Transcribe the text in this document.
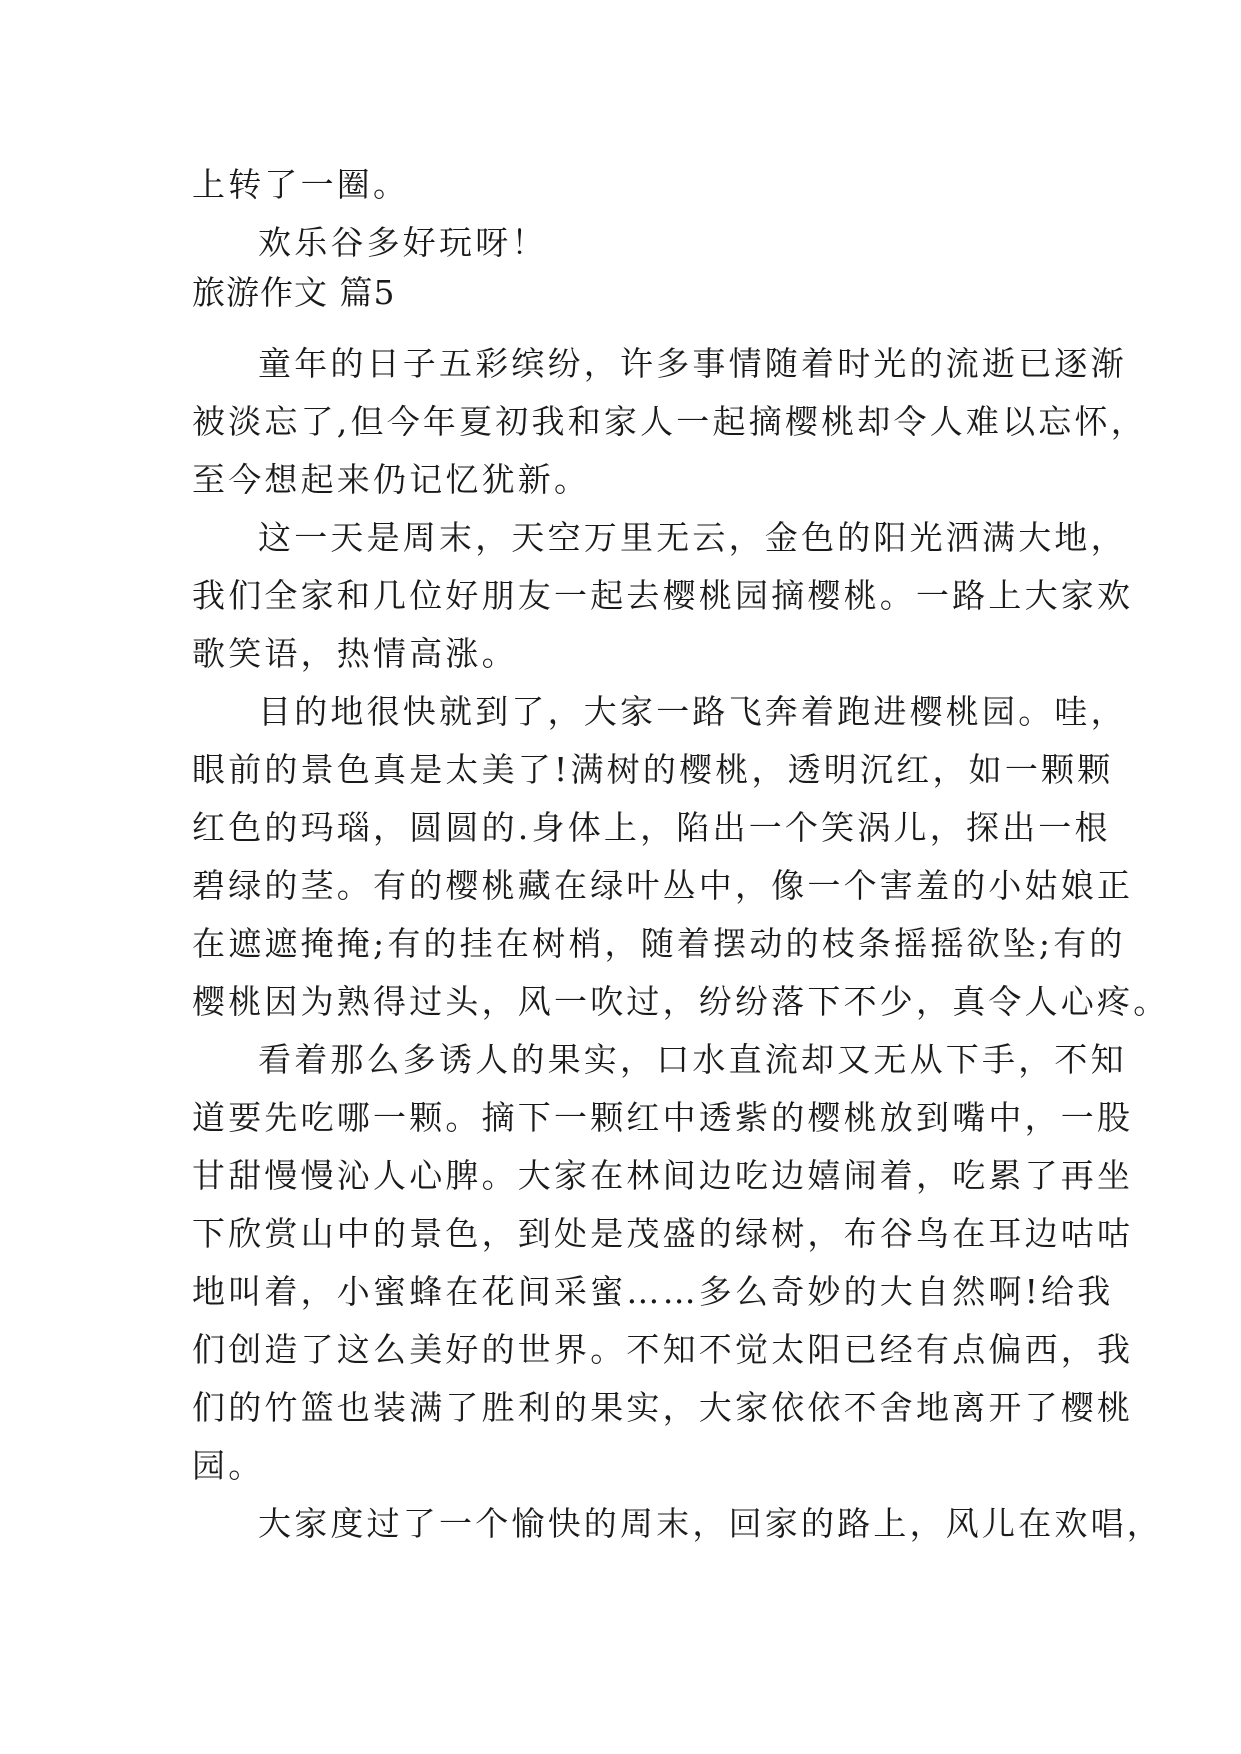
上转了一圈。
欢乐谷多好玩呀！
旅游作文 篇5
童年的日子五彩缤纷，许多事情随着时光的流逝已逐渐
被淡忘了,但今年夏初我和家人一起摘樱桃却令人难以忘怀，
至今想起来仍记忆犹新。
这一天是周末，天空万里无云，金色的阳光洒满大地，
我们全家和几位好朋友一起去樱桃园摘樱桃。一路上大家欢
歌笑语，热情高涨。
目的地很快就到了，大家一路飞奔着跑进樱桃园。哇，
眼前的景色真是太美了!满树的樱桃，透明沉红，如一颗颗
红色的玛瑙，圆圆的.身体上，陷出一个笑涡儿，探出一根
碧绿的茎。有的樱桃藏在绿叶丛中，像一个害羞的小姑娘正
在遮遮掩掩;有的挂在树梢，随着摆动的枝条摇摇欲坠;有的
樱桃因为熟得过头，风一吹过，纷纷落下不少，真令人心疼。
看着那么多诱人的果实，口水直流却又无从下手，不知
道要先吃哪一颗。摘下一颗红中透紫的樱桃放到嘴中，一股
甘甜慢慢沁人心脾。大家在林间边吃边嬉闹着，吃累了再坐
下欣赏山中的景色，到处是茂盛的绿树，布谷鸟在耳边咕咕
地叫着，小蜜蜂在花间采蜜……多么奇妙的大自然啊!给我
们创造了这么美好的世界。不知不觉太阳已经有点偏西，我
们的竹篮也装满了胜利的果实，大家依依不舍地离开了樱桃
园。
大家度过了一个愉快的周末，回家的路上，风儿在欢唱，
